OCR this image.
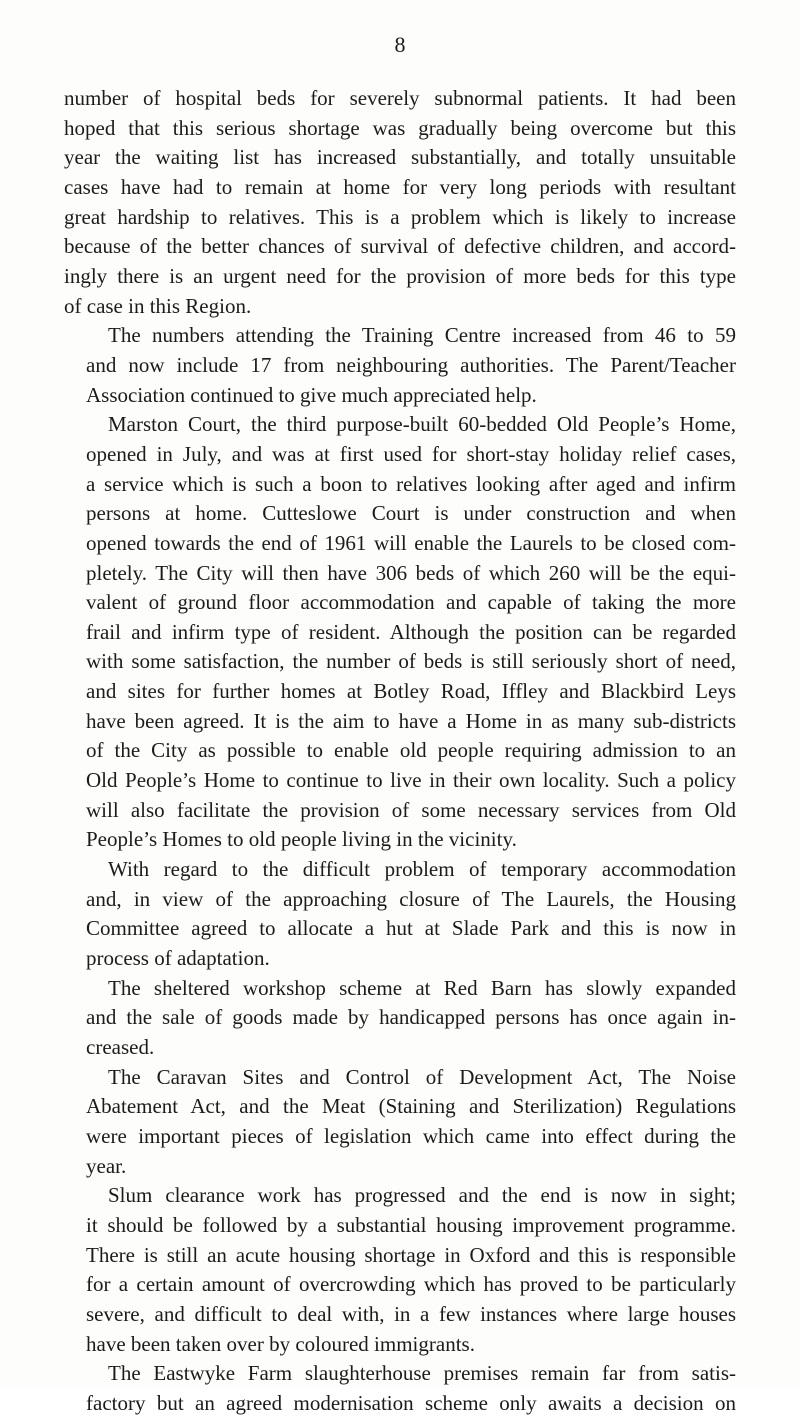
8
number of hospital beds for severely subnormal patients. It had been
hoped that this serious shortage was gradually being overcome but this
year the waiting list has increased substantially, and totally unsuitable
cases have had to remain at home for very long periods with resultant
great hardship to relatives. This is a problem which is likely to increase
because of the better chances of survival of defective children, and accord-
ingly there is an urgent need for the provision of more beds for this type
of case in this Region.
The numbers attending the Training Centre increased from 46 to 59
and now include 17 from neighbouring authorities. The Parent/Teacher
Association continued to give much appreciated help.
Marston Court, the third purpose-built 60-bedded Old People’s Home,
opened in July, and was at first used for short-stay holiday relief cases,
a service which is such a boon to relatives looking after aged and infirm
persons at home. Cutteslowe Court is under construction and when
opened towards the end of 1961 will enable the Laurels to be closed com-
pletely. The City will then have 306 beds of which 260 will be the equi-
valent of ground floor accommodation and capable of taking the more
frail and infirm type of resident. Although the position can be regarded
with some satisfaction, the number of beds is still seriously short of need,
and sites for further homes at Botley Road, Iffley and Blackbird Leys
have been agreed. It is the aim to have a Home in as many sub-districts
of the City as possible to enable old people requiring admission to an
Old People’s Home to continue to live in their own locality. Such a policy
will also facilitate the provision of some necessary services from Old
People’s Homes to old people living in the vicinity.
With regard to the difficult problem of temporary accommodation
and, in view of the approaching closure of The Laurels, the Housing
Committee agreed to allocate a hut at Slade Park and this is now in
process of adaptation.
The sheltered workshop scheme at Red Barn has slowly expanded
and the sale of goods made by handicapped persons has once again in-
creased.
The Caravan Sites and Control of Development Act, The Noise
Abatement Act, and the Meat (Staining and Sterilization) Regulations
were important pieces of legislation which came into effect during the
year.
Slum clearance work has progressed and the end is now in sight;
it should be followed by a substantial housing improvement programme.
There is still an acute housing shortage in Oxford and this is responsible
for a certain amount of overcrowding which has proved to be particularly
severe, and difficult to deal with, in a few instances where large houses
have been taken over by coloured immigrants.
The Eastwyke Farm slaughterhouse premises remain far from satis-
factory but an agreed modernisation scheme only awaits a decision on
